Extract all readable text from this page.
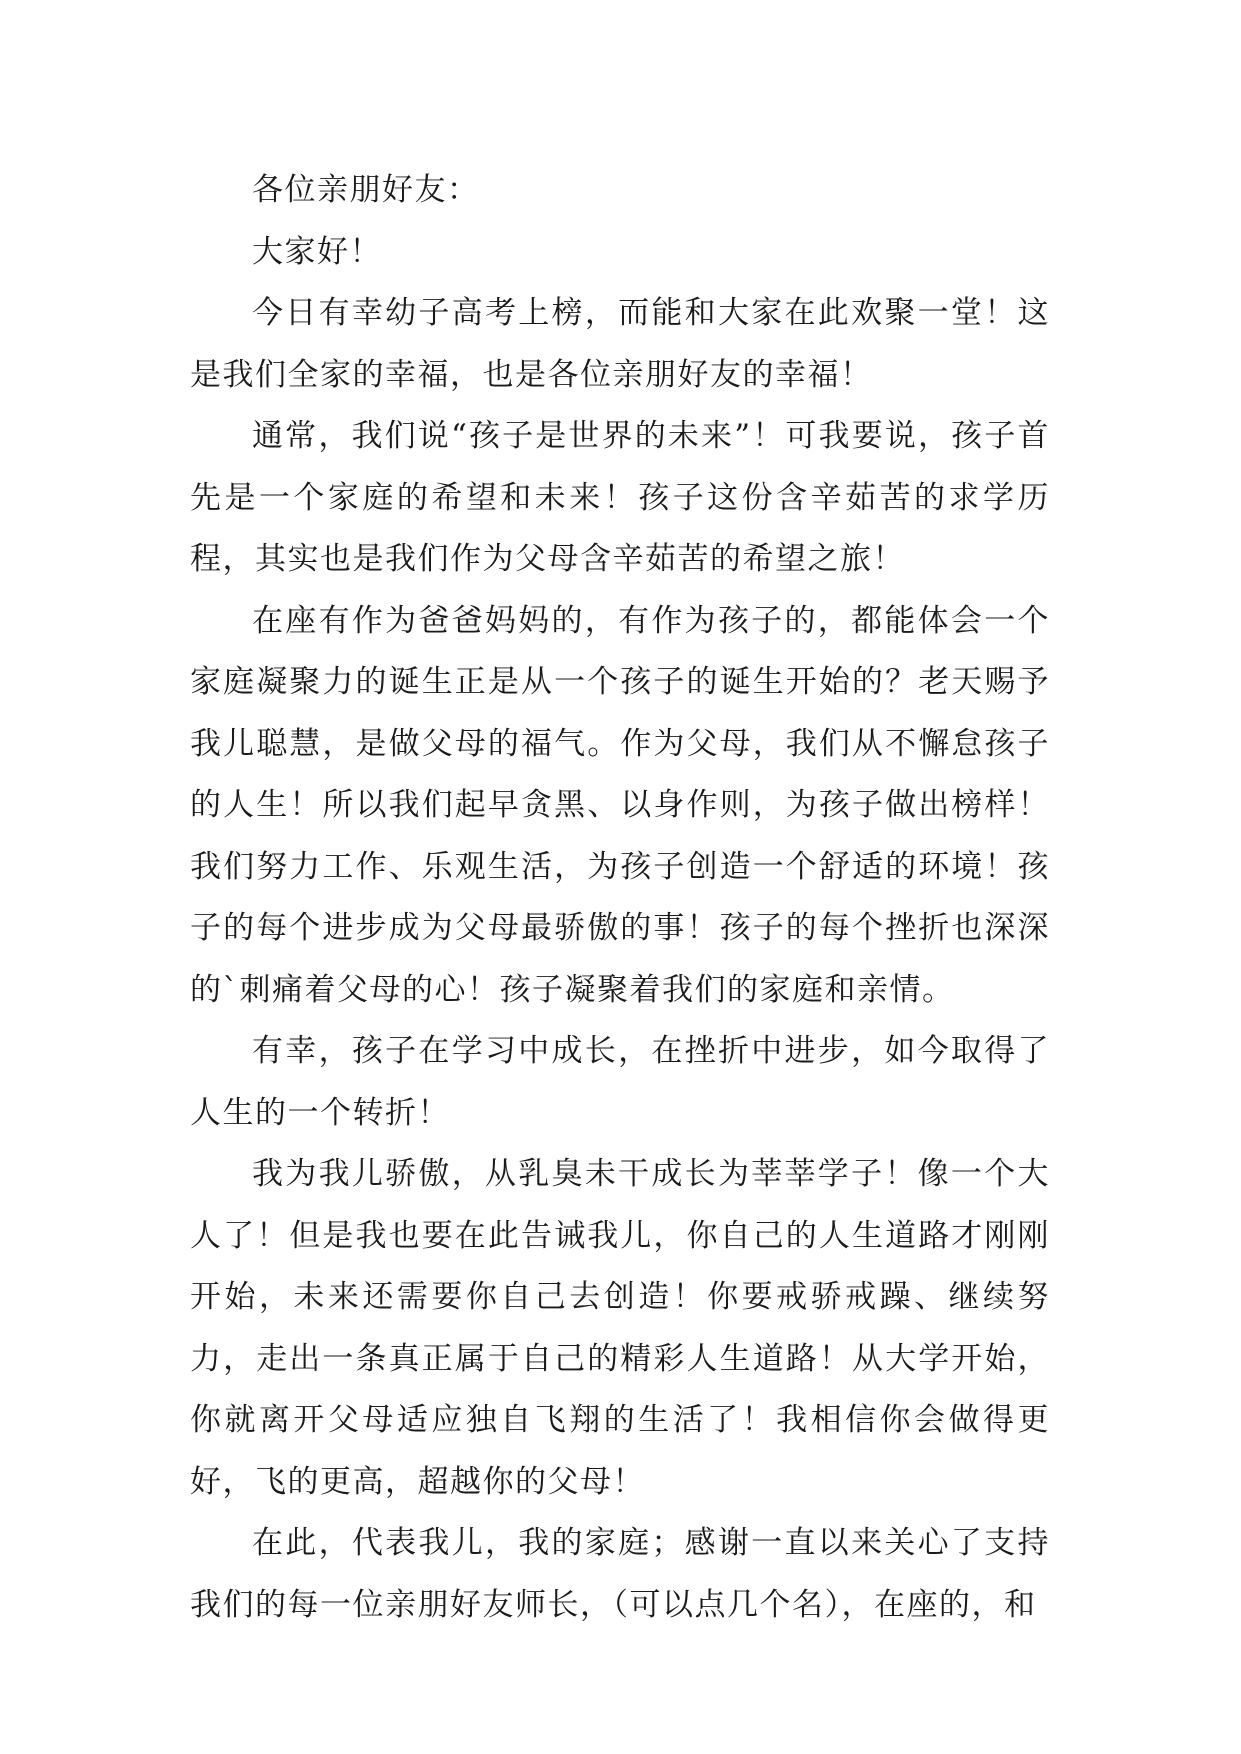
各位亲朋好友：

大家好！

今日有幸幼子高考上榜，而能和大家在此欢聚一堂！这是我们全家的幸福，也是各位亲朋好友的幸福！

通常，我们说“孩子是世界的未来”！可我要说，孩子首先是一个家庭的希望和未来！孩子这份含辛茹苦的求学历程，其实也是我们作为父母含辛茹苦的希望之旅！

在座有作为爸爸妈妈的，有作为孩子的，都能体会一个家庭凝聚力的诞生正是从一个孩子的诞生开始的？老天赐予我儿聪慧，是做父母的福气。作为父母，我们从不懈怠孩子的人生！所以我们起早贪黑、以身作则，为孩子做出榜样！我们努力工作、乐观生活，为孩子创造一个舒适的环境！孩子的每个进步成为父母最骄傲的事！孩子的每个挫折也深深的`刺痛着父母的心！孩子凝聚着我们的家庭和亲情。

有幸，孩子在学习中成长，在挫折中进步，如今取得了人生的一个转折！

我为我儿骄傲，从乳臭未干成长为莘莘学子！像一个大人了！但是我也要在此告诫我儿，你自己的人生道路才刚刚开始，未来还需要你自己去创造！你要戒骄戒躁、继续努力，走出一条真正属于自己的精彩人生道路！从大学开始，你就离开父母适应独自飞翔的生活了！我相信你会做得更好，飞的更高，超越你的父母！

在此，代表我儿，我的家庭；感谢一直以来关心了支持我们的每一位亲朋好友师长，（可以点几个名），在座的，和
